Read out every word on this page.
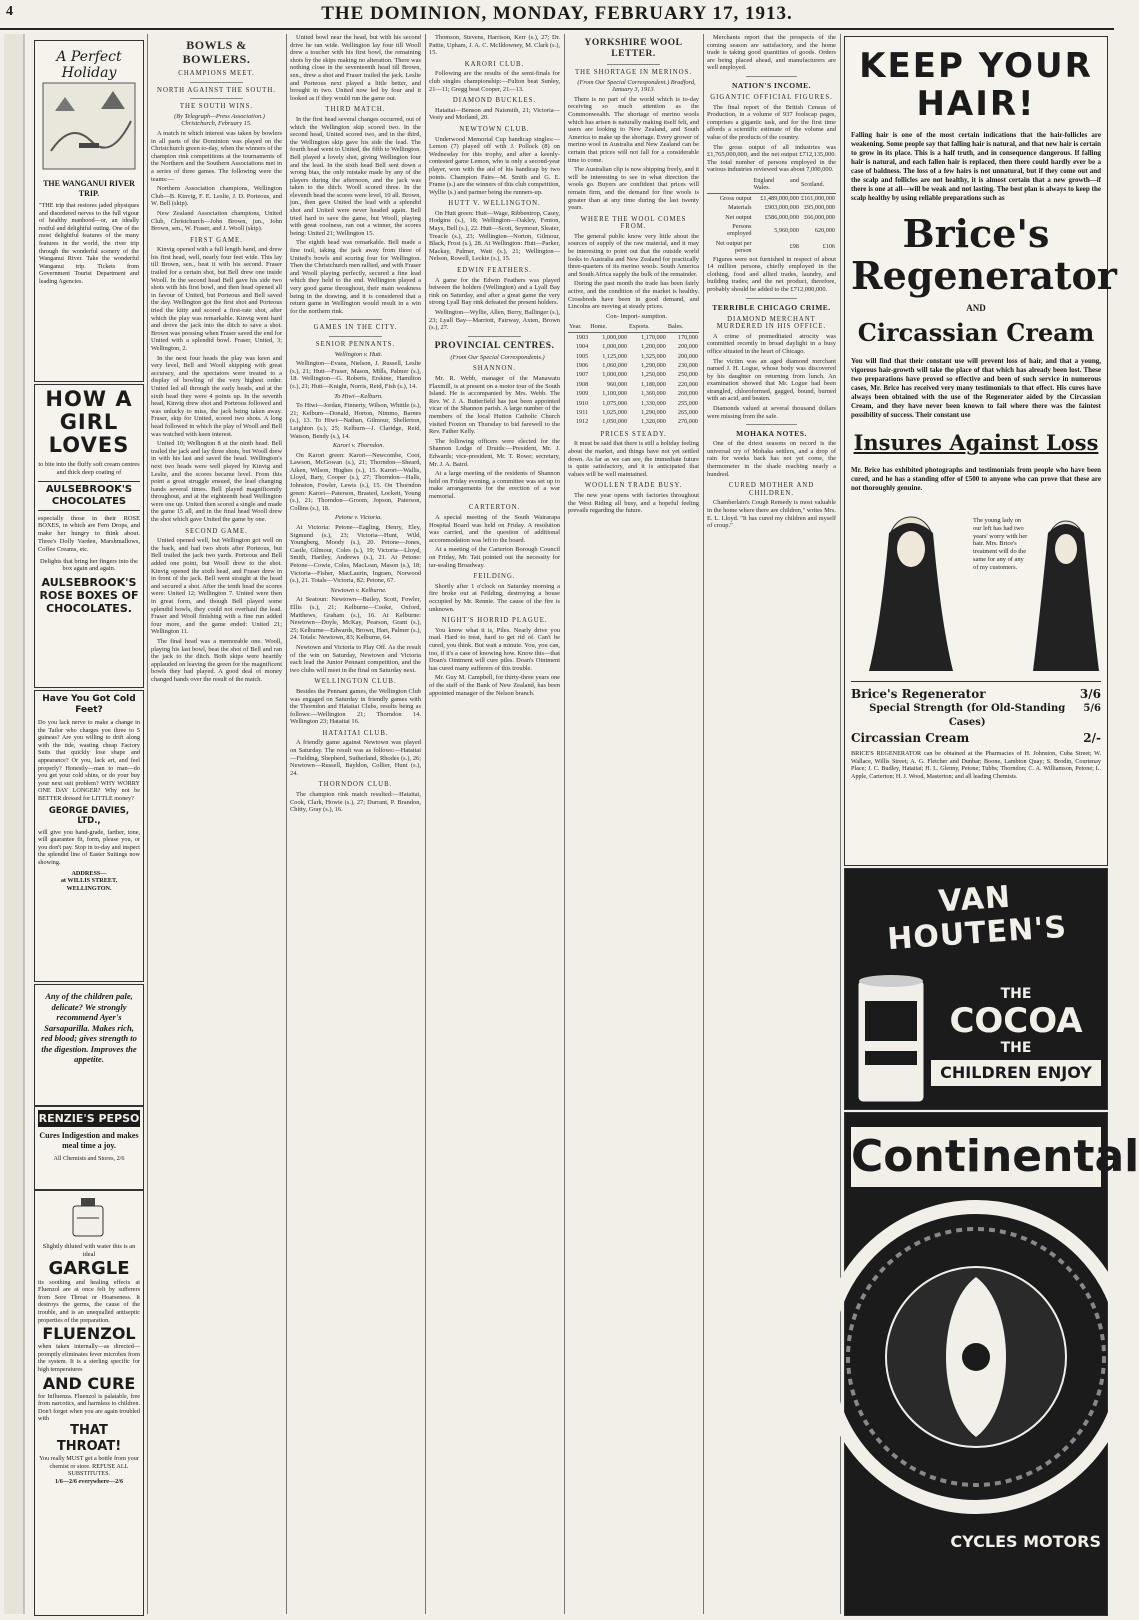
4	THE DOMINION, MONDAY, FEBRUARY 17, 1913.
A Perfect Holiday
THE WANGANUI RIVER TRIP.
"THE trip that restores jaded physiques and disordered nerves to the full vigour of healthy manhood—or, an ideally restful and delightful outing. One of the most delightful features of the many features in the world, the river trip through the wonderful scenery of the Wanganui River. Take the wonderful Wanganui trip. Tickets from Government Tourist Department and leading Agencies.
HOW A GIRL LOVES
to bite into the fluffy soft cream centres and thick deep coating of
AULSEBROOK'S CHOCOLATES
especially those in their ROSE BOXES, in which are Fern Drops, and make her hungry to think about. Three's Dolly Varden, Marshmallows, Coffee Creams, etc.
Delights that bring her fingers into the box again and again.
AULSEBROOK'S ROSE BOXES OF CHOCOLATES.
Have You Got Cold Feet?
Do you lack nerve to make a change in the Tailor who charges you three to 5 guineas? Are you willing to drift along with the tide, wasting cheap Factory Suits that quickly lose shape and appearance? Or you, lack art, and feel properly? Honestly—man to man—do you get your cold shins, or do your buy your next suit problem? WHY WORRY ONE DAY LONGER? Why not be BETTER dressed for LITTLE money?
GEORGE DAVIES, LTD.,
will give you hand-grade, farther, tone, will guarantee fit, form, please you, or you don't pay. Stop in to-day and inspect the splendid line of Easter Suitings now showing.
ADDRESS—
at WILLIS STREET, WELLINGTON.
Any of the children pale, delicate? We strongly recommend Ayer's Sarsaparilla. Makes rich, red blood; gives strength to the digestion. Improves the appetite.
RENZIE'S PEPSO
Cures Indigestion and makes meal time a joy.
All Chemists and Stores, 2/6
Slightly diluted with water this is an ideal
GARGLE
its soothing and healing effects at Fluenzol are at once felt by sufferers from Sore Throat or Hoarseness. It destroys the germs, the cause of the trouble, and is an unequalled antiseptic properties of the preparation.
FLUENZOL
when taken internally—as directed—promptly eliminates fever microbes from the system. It is a sterling specific for high temperatures
AND CURE
for Influenza. Fluenzol is palatable, free from narcotics, and harmless to children. Don't forget when you are again troubled with
THAT THROAT!
You really MUST get a bottle from your chemist or store. REFUSE ALL SUBSTITUTES.
1/6—2/6 everywhere—2/6
BOWLS & BOWLERS.
CHAMPIONS MEET.
NORTH AGAINST THE SOUTH.
THE SOUTH WINS.

(By Telegraph—Press Association.) Christchurch, February 15.

A match in which interest was taken by bowlers in all parts of the Dominion was played on the Christchurch green to-day, when the winners of the champion rink competitions at the tournaments of the Northern and the Southern Associations met in a series of three games. The following were the teams:—

Northern Association champions, Wellington Club—B. Kinvig, F. E. Leslie, J. D. Porteous, and W. Bell (skip).

New Zealand Association champions, United Club, Christchurch—John Brown, jun., John Brown, sen., W. Fraser, and J. Wooll (skip).

FIRST GAME.

Kinvig opened with a full length hand, and drew his first head, well, nearly four feet wide. This lay till Brown, sen., beat it with his second. Fraser trailed for a certain shot, but Bell drew one inside Wooll. In the second head Bell gave his side two shots with his first bowl, and then head opened all in favour of United, but Porteous and Bell saved the day. Wellington got the first shot and Porteous tried the kitty and scored a first-rate shot, after which the play was remarkable. Kinvig went hard and drove the jack into the ditch to save a shot. Brown was pressing when Fraser saved the end for United with a splendid bowl. Fraser, United, 3; Wellington, 2.

In the next four heads the play was keen and very level, Bell and Wooll skipping with great accuracy, and the spectators were treated to a display of bowling of the very highest order. United led all through the early heads, and at the sixth head they were 4 points up. In the seventh head, Kinvig drew shot and Porteous followed and was unlucky to miss, the jack being taken away. Fraser, skip for United, scored two shots. A long head followed in which the play of Wooll and Bell was watched with keen interest.

United 10; Wellington 8 at the ninth head. Bell trailed the jack and lay three shots, but Wooll drew in with his last and saved the head. Wellington's next two heads were well played by Kinvig and Leslie, and the scores became level. From this point a great struggle ensued, the lead changing hands several times. Bell played magnificently throughout, and at the eighteenth head Wellington were one up. United then scored a single and made the game 15 all, and in the final head Wooll drew the shot which gave United the game by one.

SECOND GAME.

United opened well, but Wellington got well on the back, and had two shots after Porteous, but Bell trailed the jack two yards. Porteous and Bell added one point, but Wooll drew to the shot. Kinvig opened the sixth head, and Fraser drew in in front of the jack. Bell went straight at the head and secured a shot. After the tenth head the scores were: United 12; Wellington 7. United were then in great form, and though Bell played some splendid bowls, they could not overhaul the lead. Fraser and Wooll finishing with a fine run added four more, and the game ended: United 21; Wellington 11.

The final head was a memorable one. Wooll, playing his last bowl, beat the shot of Bell and ran the jack to the ditch. Both skips were heartily applauded on leaving the green for the magnificent bowls they had played. A good deal of money changed hands over the result of the match.

United bowl near the head, but with his second drive he ran wide. Wellington lay four till Wooll drew a toucher with his first bowl, the remaining shots by the skips making no alteration. There was nothing close in the seventeenth head till Brown, sen., drew a shot and Fraser trailed the jack. Leslie and Porteous next played a little better, and brought in two. United now led by four and it looked as if they would run the game out.

THIRD MATCH.

In the first head several changes occurred, out of which the Wellington skip scored two. In the second head, United scored two, and in the third, the Wellington skip gave his side the lead. The fourth head went to United, the fifth to Wellington. Bell played a lovely shot, giving Wellington four and the lead. In the sixth head Bell sent down a wrong bias, the only mistake made by any of the players during the afternoon, and the jack was taken to the ditch. Wooll scored three. In the eleventh head the scores were level, 10 all. Brown, jun., then gave United the lead with a splendid shot and United were never headed again. Bell tried hard to save the game, but Wooll, playing with great coolness, ran out a winner, the scores being: United 21; Wellington 15.

The eighth head was remarkable. Bell made a fine trail, taking the jack away from three of United's bowls and scoring four for Wellington. Then the Christchurch men rallied, and with Fraser and Wooll playing perfectly, secured a fine lead which they held to the end. Wellington played a very good game throughout, their main weakness being in the drawing, and it is considered that a return game in Wellington would result in a win for the northern rink.

GAMES IN THE CITY.
SENIOR PENNANTS.

Wellington v. Hutt.

Wellington—Evans, Nielson, J. Russell, Leslie (s.), 21; Hutt—Fraser, Mason, Mills, Palmer (s.), 18. Wellington—G. Roberts, Erskine, Hamilton (s.), 21; Hutt—Knight, Norris, Reid, Fish (s.), 14.

To Hiwi—Kelburn.

To Hiwi—Jordan, Finnerty, Wilson, Whittle (s.), 21; Kelburn—Donald, Horton, Nimmo, Barnes (s.), 13. To Hiwi—Nathan, Gilmour, Shellerton, Leighton (s.), 25; Kelburn—J. Claridge, Reid, Watson, Bendy (s.), 14.

Karori v. Thorndon.

On Karori green: Karori—Newcombe, Coot, Lawson, McGowan (s.), 21; Thorndon—Sheard, Aiken, Wilson, Hughes (s.), 15. Karori—Wallis, Lloyd, Bary, Cooper (s.), 27; Thorndon—Halls, Johnston, Fowler, Lewis (s.), 15. On Thorndon green: Karori—Paterson, Brasted, Lockett, Young (s.), 21; Thorndon—Groom, Jopson, Paterson, Collins (s.), 18.

Petone v. Victoria.

At Victoria: Petone—Eagling, Henry, Eley, Sigmund (s.), 23; Victoria—Hunt, Wild, Youngberg, Moody (s.), 20. Petone—Jones, Castle, Gilmour, Coles (s.), 19; Victoria—Lloyd, Smith, Hartley, Andrews (s.), 21. At Petone: Petone—Cowie, Coles, MacLean, Mason (s.), 18; Victoria—Fisher, MacLaurin, Ingram, Norwood (s.), 21. Totals—Victoria, 82; Petone, 67.

Newtown v. Kelburne.

At Seatoun: Newtown—Bailey, Scott, Fowler, Ellis (s.), 21; Kelburne—Cooke, Oxford, Matthews, Graham (s.), 16. At Kelburne: Newtown—Doyle, McKay, Pearson, Grant (s.), 25; Kelburne—Edwards, Brown, Hart, Palmer (s.), 24. Totals: Newtown, 83; Kelburne, 64.

Newtown and Victoria to Play Off. As the result of the win on Saturday, Newtown and Victoria each lead the Junior Pennant competition, and the two clubs will meet in the final on Saturday next.

WELLINGTON CLUB.

Besides the Pennant games, the Wellington Club was engaged on Saturday in friendly games with the Thorndon and Hataitai Clubs, results being as follows:—Wellington 21; Thorndon 14. Wellington 23; Hataitai 16.

HATAITAI CLUB.

A friendly game against Newtown was played on Saturday. The result was as follows:—Hataitai—Fielding, Shepherd, Sutherland, Rhodes (s.), 26; Newtown—Russell, Bayldon, Collier, Hunt (s.), 24.

THORNDON CLUB.

The champion rink match resulted:—Hataitai, Cook, Clark, Howie (s.), 27; Durrant, P. Brandon, Chitty, Gray (s.), 16.

Thomson, Stevens, Harrison, Kerr (s.), 27; Dr. Pattie, Upham, J. A. C. McIldowney, M. Clark (s.), 15.

KARORI CLUB.

Following are the results of the semi-finals for club singles championship:—Fulton beat Sunley, 21—11; Gregg beat Cooper, 21—13.

DIAMOND BUCKLES.

Hataitai—Benson and Naismith, 21; Victoria—Vesty and Morland, 20.

NEWTOWN CLUB.

Underwood Memorial Cup handicap singles:—Lemon (7) played off with J. Pollock (8) on Wednesday for this trophy, and after a keenly-contested game Lemon, who is only a second-year player, won with the aid of his handicap by two points. Champion Pairs—M. Smith and G. E. Frame (s.) are the winners of this club competition, Wyllie (s.) and partner being the runners-up.

HUTT V. WELLINGTON.

On Hutt green: Hutt—Wage, Ribbentrop, Casey, Hodgins (s.), 18; Wellington—Oakley, Fenton, Mays, Bell (s.), 22. Hutt—Scott, Seymour, Sleater, Treacle (s.), 23; Wellington—Norton, Gilmour, Black, Frost (s.), 28. At Wellington: Hutt—Parker, Mackay, Palmer, Watt (s.), 21; Wellington—Nelson, Rowell, Leckie (s.), 15.

EDWIN FEATHERS.

A game for the Edwin Feathers was played between the holders (Wellington) and a Lyall Bay rink on Saturday, and after a great game the very strong Lyall Bay rink defeated the present holders.

Wellington—Wyllie, Allen, Berry, Ballinger (s.), 23; Lyall Bay—Marriott, Fairway, Axten, Brown (s.), 27.

PROVINCIAL CENTRES.

(From Our Special Correspondents.)

SHANNON.

Mr. R. Webb, manager of the Manawatu Flaxmill, is at present on a motor tour of the South Island. He is accompanied by Mrs. Webb. The Rev. W. J. A. Butterfield has just been appointed vicar of the Shannon parish. A large number of the members of the local Hutton Catholic Church visited Foxton on Thursday to bid farewell to the Rev. Father Kelly.

The following officers were elected for the Shannon Lodge of Druids:—President, Mr. J. Edwards; vice-president, Mr. T. Rowe; secretary, Mr. J. A. Baird.

At a large meeting of the residents of Shannon held on Friday evening, a committee was set up to make arrangements for the erection of a war memorial.

CARTERTON.

A special meeting of the South Wairarapa Hospital Board was held on Friday. A resolution was carried, and the question of additional accommodation was left to the board.

At a meeting of the Carterton Borough Council on Friday, Mr. Tait pointed out the necessity for tar-sealing Broadway.

FEILDING.

Shortly after 1 o'clock on Saturday morning a fire broke out at Feilding, destroying a house occupied by Mr. Rennie. The cause of the fire is unknown.

NIGHT'S HORRID PLAGUE.

You know what it is, Piles. Nearly drive you mad. Hard to treat, hard to get rid of. Can't be cured, you think. But wait a minute. You, you can, too, if it's a case of knowing how. Know this—that Doan's Ointment will cure piles. Doan's Ointment has cured many sufferers of this trouble.

Mr. Guy M. Campbell, for thirty-three years one of the staff of the Bank of New Zealand, has been appointed manager of the Nelson branch.

YORKSHIRE WOOL LETTER.
THE SHORTAGE IN MERINOS.

(From Our Special Correspondent.) Bradford, January 3, 1913.

There is no part of the world which is to-day receiving so much attention as the Commonwealth. The shortage of merino wools which has arisen is naturally making itself felt, and users are looking to New Zealand, and South America to make up the shortage. Every grower of merino wool in Australia and New Zealand can be certain that prices will not fall for a considerable time to come.

The Australian clip is now shipping freely, and it will be interesting to see in what direction the wools go. Buyers are confident that prices will remain firm, and the demand for fine wools is greater than at any time during the last twenty years.

WHERE THE WOOL COMES FROM.

The general public know very little about the sources of supply of the raw material, and it may be interesting to point out that the outside world looks to Australia and New Zealand for practically three-quarters of its merino wools. South America and South Africa supply the bulk of the remainder.

During the past month the trade has been fairly active, and the condition of the market is healthy. Crossbreds have been in good demand, and Lincolns are moving at steady prices.

Con- Import- sumption.

Year.	Home.	Exports.	Bales.
1903	1,000,000	1,170,000	170,000
1904	1,000,000	1,200,000	200,000
1905	1,125,000	1,325,000	200,000
1906	1,060,000	1,290,000	230,000
1907	1,000,000	1,250,000	250,000
1908	960,000	1,180,000	220,000
1909	1,100,000	1,360,000	260,000
1910	1,075,000	1,330,000	255,000
1911	1,025,000	1,290,000	265,000
1912	1,050,000	1,320,000	270,000
PRICES STEADY.

It must be said that there is still a holiday feeling about the market, and things have not yet settled down. As far as we can see, the immediate future is quite satisfactory, and it is anticipated that values will be well maintained.

WOOLLEN TRADE BUSY.

The new year opens with factories throughout the West Riding all busy, and a hopeful feeling prevails regarding the future.

Merchants report that the prospects of the coming season are satisfactory, and the home trade is taking good quantities of goods. Orders are being placed ahead, and manufacturers are well employed.

NATION'S INCOME.
GIGANTIC OFFICIAL FIGURES.

The final report of the British Census of Production, in a volume of 937 foolscap pages, comprises a gigantic task, and for the first time affords a scientific estimate of the volume and value of the products of the country.

The gross output of all industries was £1,765,000,000, and the net output £712,135,000. The total number of persons employed in the various industries reviewed was about 7,000,000.

	England and Wales.	Scotland.
Gross output	£1,489,000,000	£161,000,000
Materials	£903,000,000	£95,000,000
Net output	£586,000,000	£66,000,000
Persons employed	5,960,000	620,000
Net output per person	£98	£106

Figures were not furnished in respect of about 14 million persons, chiefly employed in the clothing, food and allied trades, laundry, and building trades; and the net product, therefore, probably should be added to the £712,000,000.

TERRIBLE CHICAGO CRIME.
DIAMOND MERCHANT MURDERED IN HIS OFFICE.

A crime of premeditated atrocity was committed recently in broad daylight in a busy office situated in the heart of Chicago.

The victim was an aged diamond merchant named J. H. Logue, whose body was discovered by his daughter on returning from lunch. An examination showed that Mr. Logue had been strangled, chloroformed, gagged, bound, burned with an acid, and beaten.

Diamonds valued at several thousand dollars were missing from the safe.

MOHAKA NOTES.

One of the driest seasons on record is the universal cry of Mohaka settlers, and a drop of rain for weeks back has not yet come, the thermometer in the shade reaching nearly a hundred.

CURED MOTHER AND CHILDREN.

Chamberlain's Cough Remedy is most valuable in the home where there are children," writes Mrs. E. L. Lloyd. "It has cured my children and myself of croup."

KEEP YOUR HAIR!
Falling hair is one of the most certain indications that the hair-follicles are weakening. Some people say that falling hair is natural, and that new hair is certain to grow in its place. This is a half truth, and in consequence dangerous. If falling hair is natural, and each fallen hair is replaced, then there could hardly ever be a case of baldness. The loss of a few hairs is not unnatural, but if they come out and the scalp and follicles are not healthy, it is almost certain that a new growth—if there is one at all—will be weak and not lasting. The best plan is always to keep the scalp healthy by using reliable preparations such as
Brice's Regenerator
AND
Circassian Cream
You will find that their constant use will prevent loss of hair, and that a young, vigorous hair-growth will take the place of that which has already been lost. These two preparations have proved so effective and been of such service in numerous cases, Mr. Brice has received very many testimonials to that effect. His cures have always been obtained with the use of the Regenerator aided by the Circassian Cream, and they have never been known to fail where there was the faintest possibility of success. Their constant use
Insures Against Loss
Mr. Brice has exhibited photographs and testimonials from people who have been cured, and he has a standing offer of £500 to anyone who can prove that these are not thoroughly genuine.
The young lady on our left has had two years' worry with her hair. Mrs. Brice's treatment will do the same for any of any of my customers.
Brice's Regenerator	3/6
Special Strength (for Old-Standing Cases)
5/6
Circassian Cream	2/-
BRICE'S REGENERATOR can be obtained at the Pharmacies of H. Johnston, Cuba Street; W. Wallace, Willis Street; A. G. Fletcher and Dunbar; Boone, Lambton Quay; S. Brodin, Courtenay Place; J. C. Budley, Hataitai; H. L. Glenny, Petone; Tubbs; Thorndon; C. A. Williamson, Petone; L. Apple, Carterton; H. J. Wood, Masterton; and all leading Chemists.
VAN HOUTEN'S
THE
COCOA
THE
CHILDREN ENJOY
Continental
CYCLES MOTORS
